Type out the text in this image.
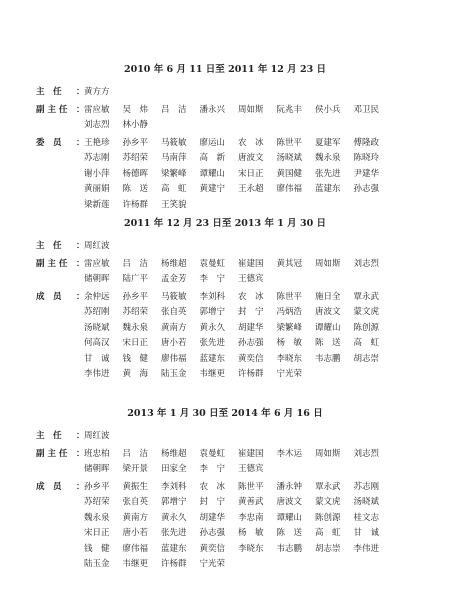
2010 年 6 月 11 日至 2011 年 12 月 23 日
主　任 ： 黄方方
副 主 任 ： 雷应敏 吴　炜 吕　洁 潘永兴 周如斯 阮兆丰 侯小兵 邓卫民
刘志烈 林小静
委　员 ： 王艳珍 孙乡平 马筱敏 廖运山 农　冰 陈世平 夏建军 傅隆政
苏志刚 苏绍荣 马南萍 高　新 唐波文 汤晓斌 魏永泉 陈晓玲
谢小萍 杨德晖 梁繁峰 谭耀山 宋日正 黄国健 张先进 尹建华
黄丽娟 陈　送 高　虹 黄建宁 王永超 廖伟福 蓝建东 孙志强
梁新莲 许杨群 王笑貌
2011 年 12 月 23 日至 2013 年 1 月 30 日
主　任 ： 周红波
副 主 任 ： 雷应敏 吕　洁 杨维超 袁曼虹 崔建国 黄其冠 周如斯 刘志烈
储朝晖 陆广平 孟金芳 李　宁 王德宾
成　员 ： 余仲远 孙乡平 马筱敏 李刘科 农　冰 陈世平 施日全 覃永武
苏绍刚 苏绍荣 张自英 郭增宁 封　宁 冯炳浩 唐波文 蒙文虎
汤晓斌 魏永泉 黄南方 黄永久 胡建华 梁繁峰 谭耀山 陈创源
何高汉 宋日正 唐小若 张先进 孙志强 杨　敏 陈　送 高　虹
甘　诚 钱　健 廖伟福 蓝建东 黄奕信 李晓东 韦志鹏 胡志崇
李伟进 黄　海 陆玉金 韦继更 许杨群 宁光荣
2013 年 1 月 30 日至 2014 年 6 月 16 日
主　任 ： 周红波
副 主 任 ： 班忠柏 吕　洁 杨维超 袁曼虹 崔建国 李木运 周如斯 刘志烈
储朝晖 梁开景 田家全 李　宁 王德宾
成　员 ： 孙乡平 黄振生 李刘科 农　冰 陈世平 潘永钟 覃永武 苏志刚
苏绍荣 张自英 郭增宁 封　宁 黄善武 唐波文 蒙文虎 汤晓斌
魏永泉 黄南方 黄永久 胡建华 李忠南 谭耀山 陈创源 桂文志
宋日正 唐小若 张先进 孙志强 杨　敏 陈　送 高　虹 甘　诚
钱　健 廖伟福 蓝建东 黄奕信 李晓东 韦志鹏 胡志崇 李伟进
陆玉金 韦继更 许杨群 宁光荣
